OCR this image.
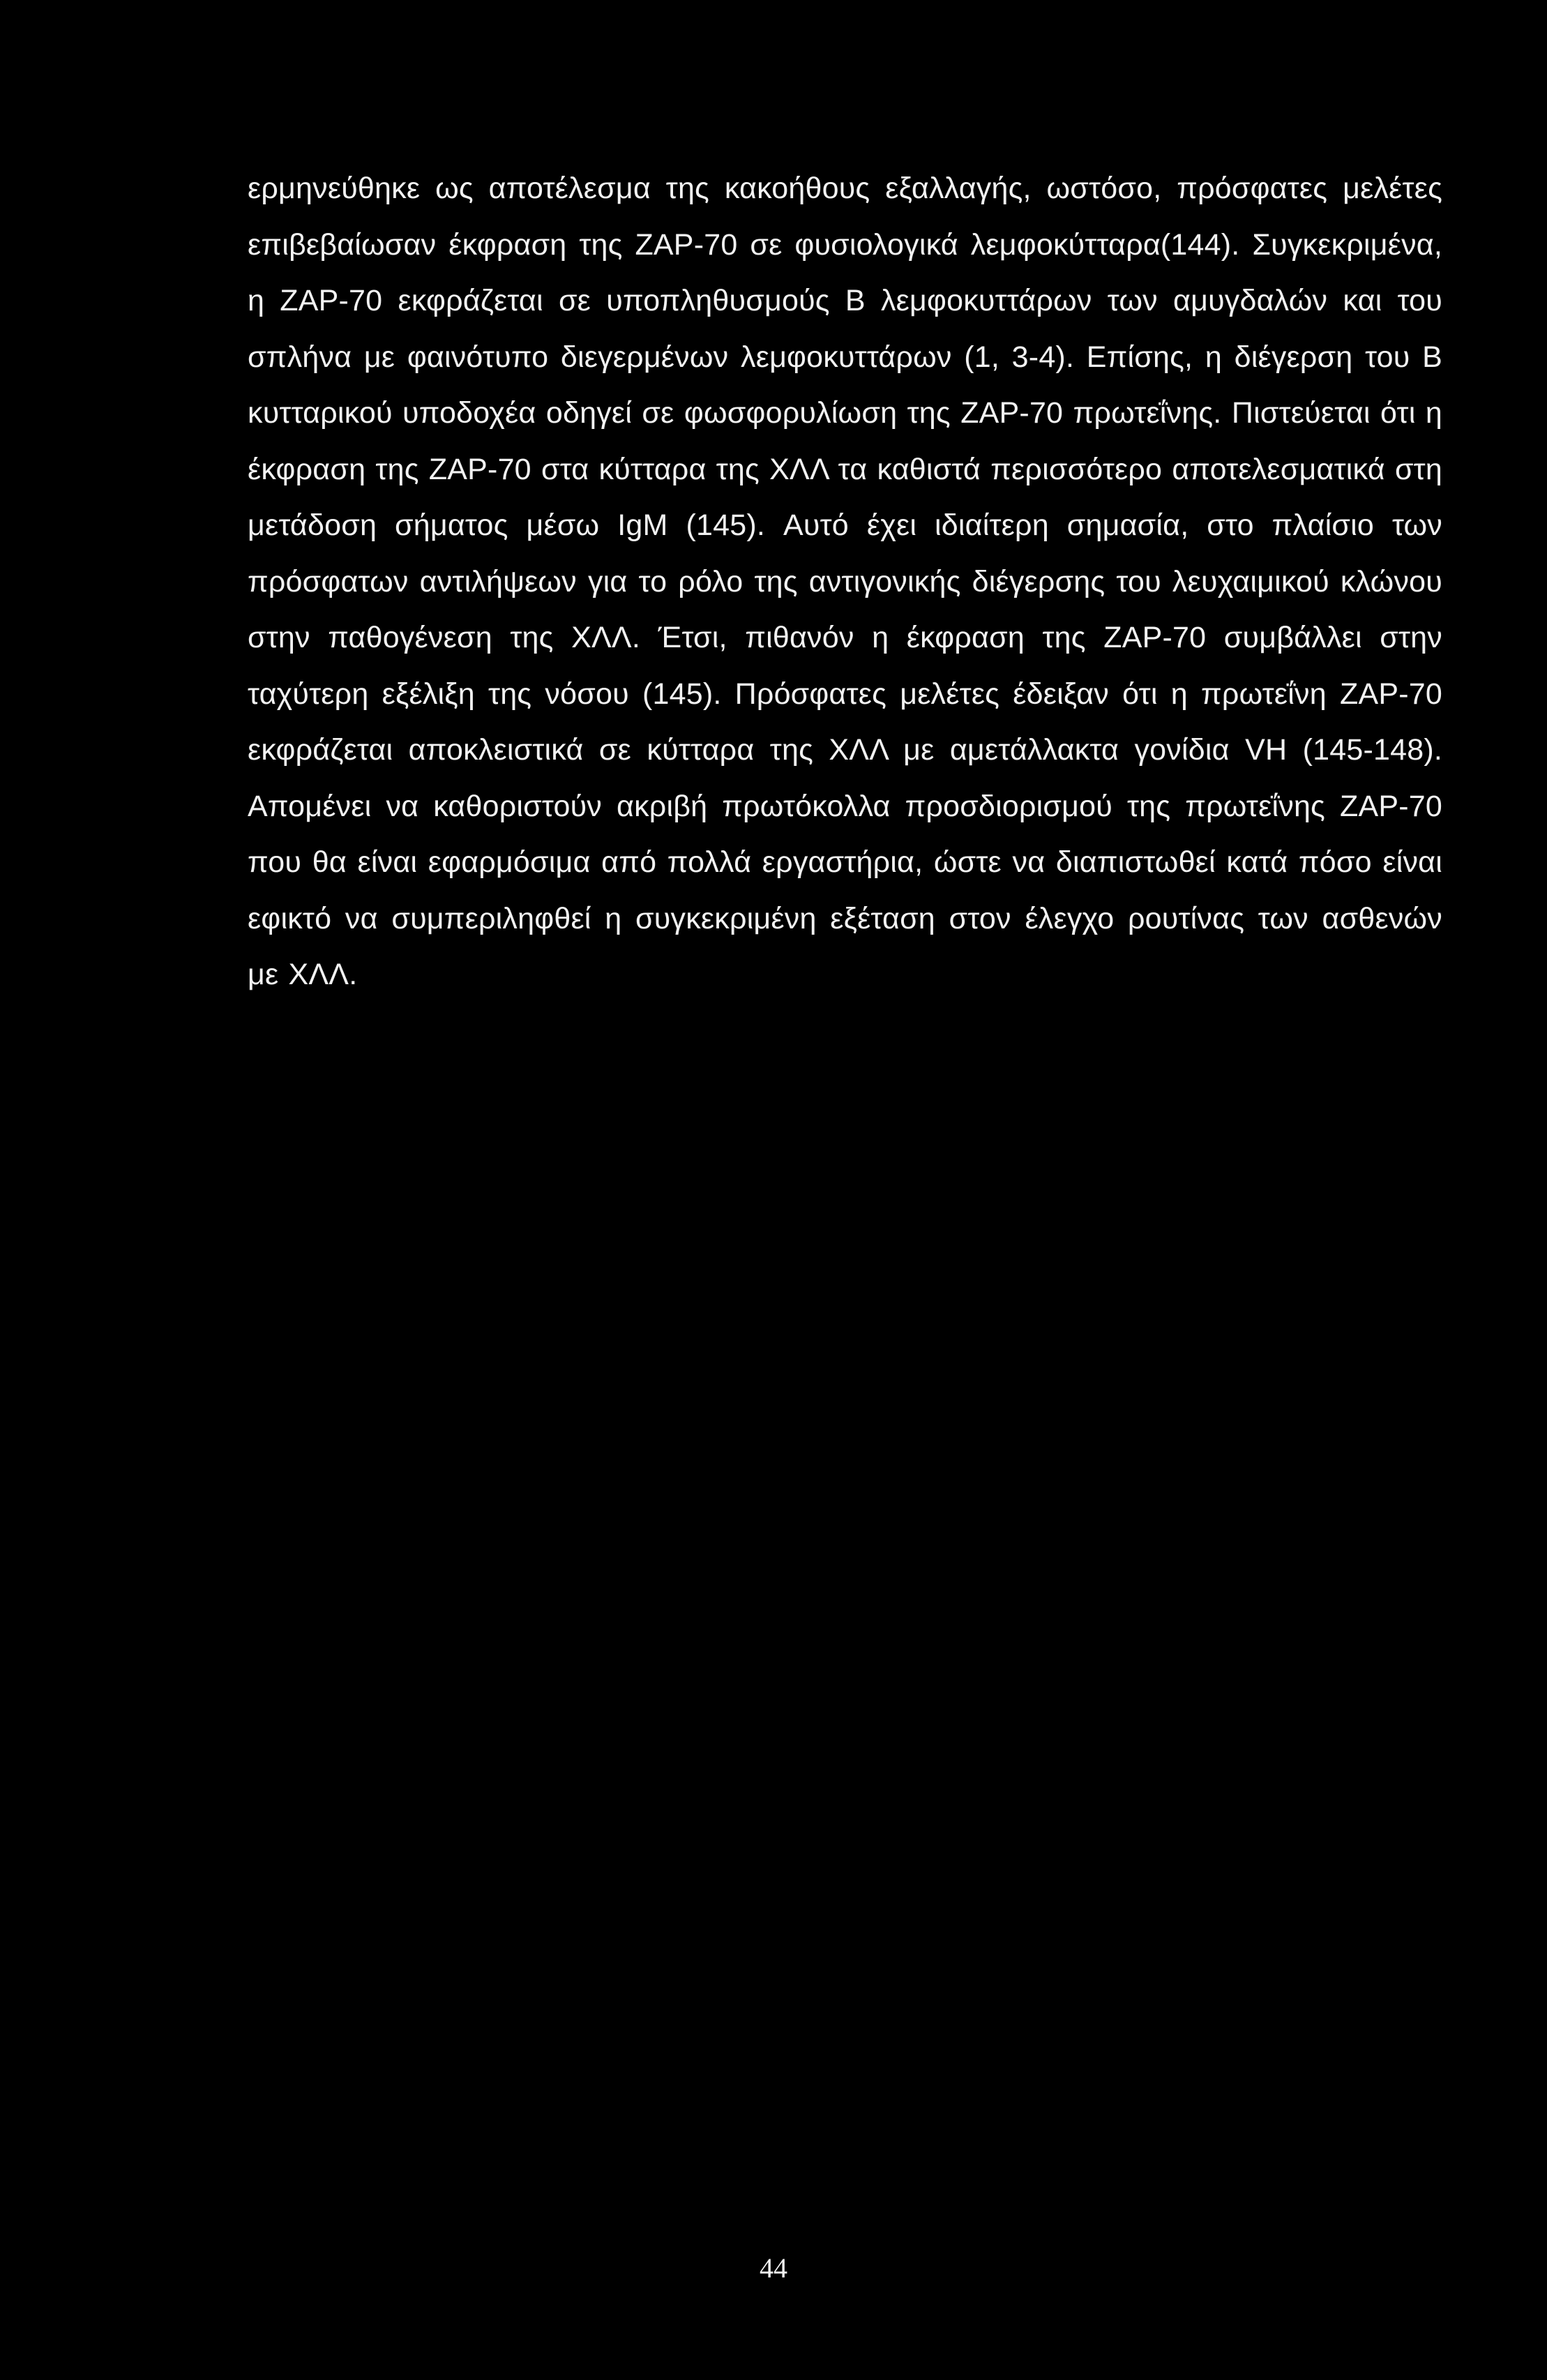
ερμηνεύθηκε ως αποτέλεσμα της κακοήθους εξαλλαγής, ωστόσο, πρόσφατες μελέτες επιβεβαίωσαν έκφραση της ZAP-70 σε φυσιολογικά λεμφοκύτταρα(144). Συγκεκριμένα, η ZAP-70 εκφράζεται σε υποπληθυσμούς Β λεμφοκυττάρων των αμυγδαλών και του σπλήνα με φαινότυπο διεγερμένων λεμφοκυττάρων (1, 3-4). Επίσης, η διέγερση του Β κυτταρικού υποδοχέα οδηγεί σε φωσφορυλίωση της ZAP-70 πρωτεΐνης. Πιστεύεται ότι η έκφραση της ZAP-70 στα κύτταρα της ΧΛΛ τα καθιστά περισσότερο αποτελεσματικά στη μετάδοση σήματος μέσω IgM (145). Αυτό έχει ιδιαίτερη σημασία, στο πλαίσιο των πρόσφατων αντιλήψεων για το ρόλο της αντιγονικής διέγερσης του λευχαιμικού κλώνου στην παθογένεση της ΧΛΛ. Έτσι, πιθανόν η έκφραση της ZAP-70 συμβάλλει στην ταχύτερη εξέλιξη της νόσου (145). Πρόσφατες μελέτες έδειξαν ότι η πρωτεΐνη ZAP-70 εκφράζεται αποκλειστικά σε κύτταρα της ΧΛΛ με αμετάλλακτα γονίδια VH (145-148). Απομένει να καθοριστούν ακριβή πρωτόκολλα προσδιορισμού της πρωτεΐνης ZAP-70 που θα είναι εφαρμόσιμα από πολλά εργαστήρια, ώστε να διαπιστωθεί κατά πόσο είναι εφικτό να συμπεριληφθεί η συγκεκριμένη εξέταση στον έλεγχο ρουτίνας των ασθενών με ΧΛΛ.

44
